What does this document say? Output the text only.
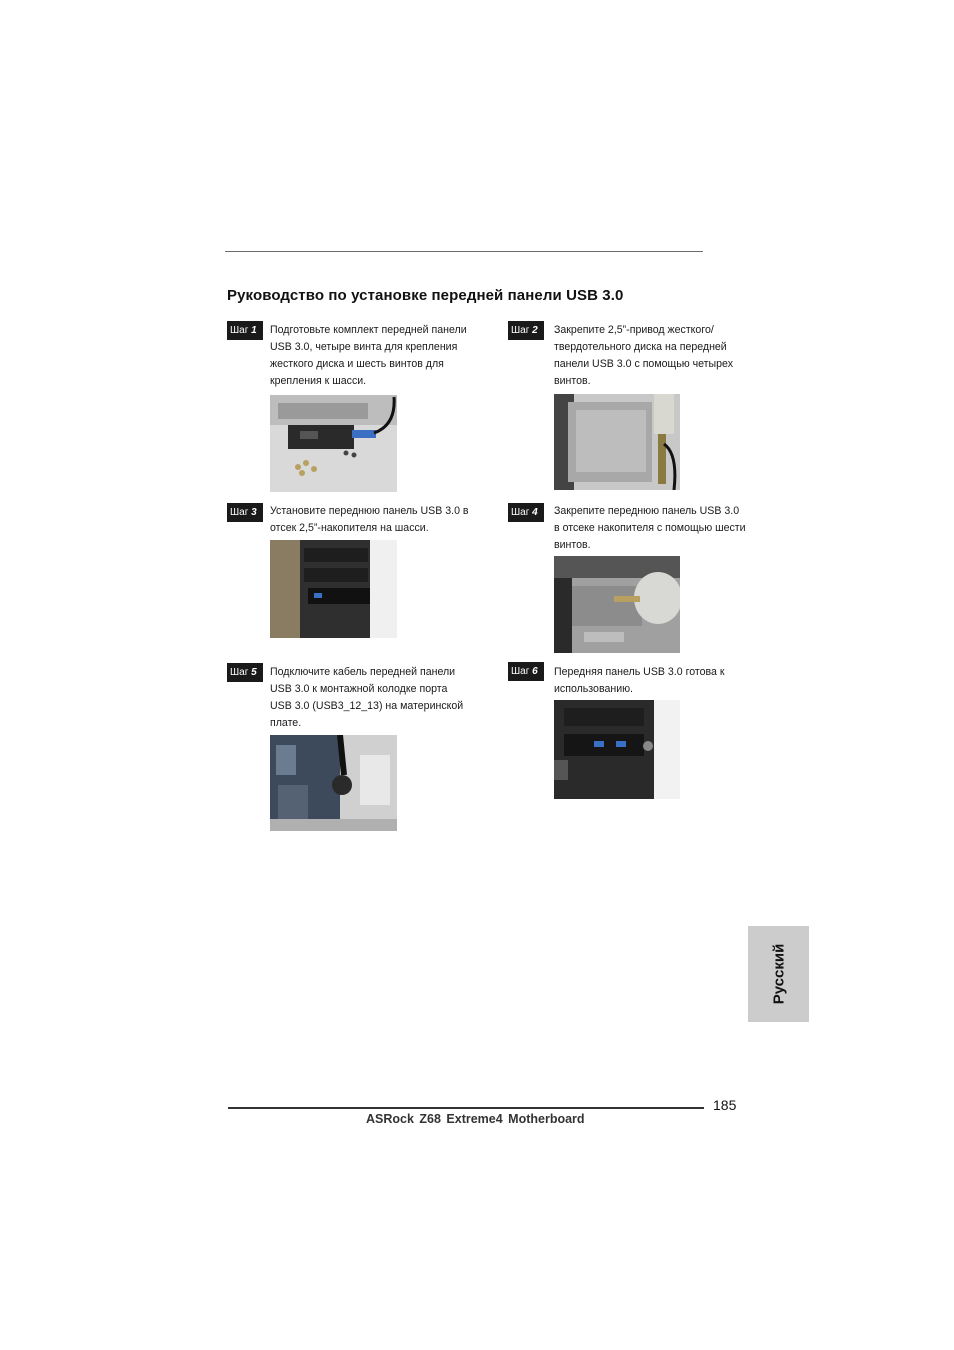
Руководство по установке передней панели USB 3.0
Шаг 1	Подготовьте комплект передней панели
USB 3.0, четыре винта для крепления
жесткого диска и шесть винтов для
крепления к шасси.
Шаг 2	Закрепите 2,5”-привод жесткого/
твердотельного диска на передней
панели USB 3.0 с помощью четырех
винтов.
Шаг 3	Установите переднюю панель USB 3.0 в
отсек 2,5”-накопителя на шасси.
Шаг 4	Закрепите переднюю панель USB 3.0
в отсеке накопителя с помощью шести
винтов.
Шаг 5	Подключите кабель передней панели
USB 3.0 к монтажной колодке порта
USB 3.0 (USB3_12_13) на материнской
плате.
Шаг 6	Передняя панель USB 3.0 готова к
использованию.
Русский
185
ASRock Z68 Extreme4 Motherboard
